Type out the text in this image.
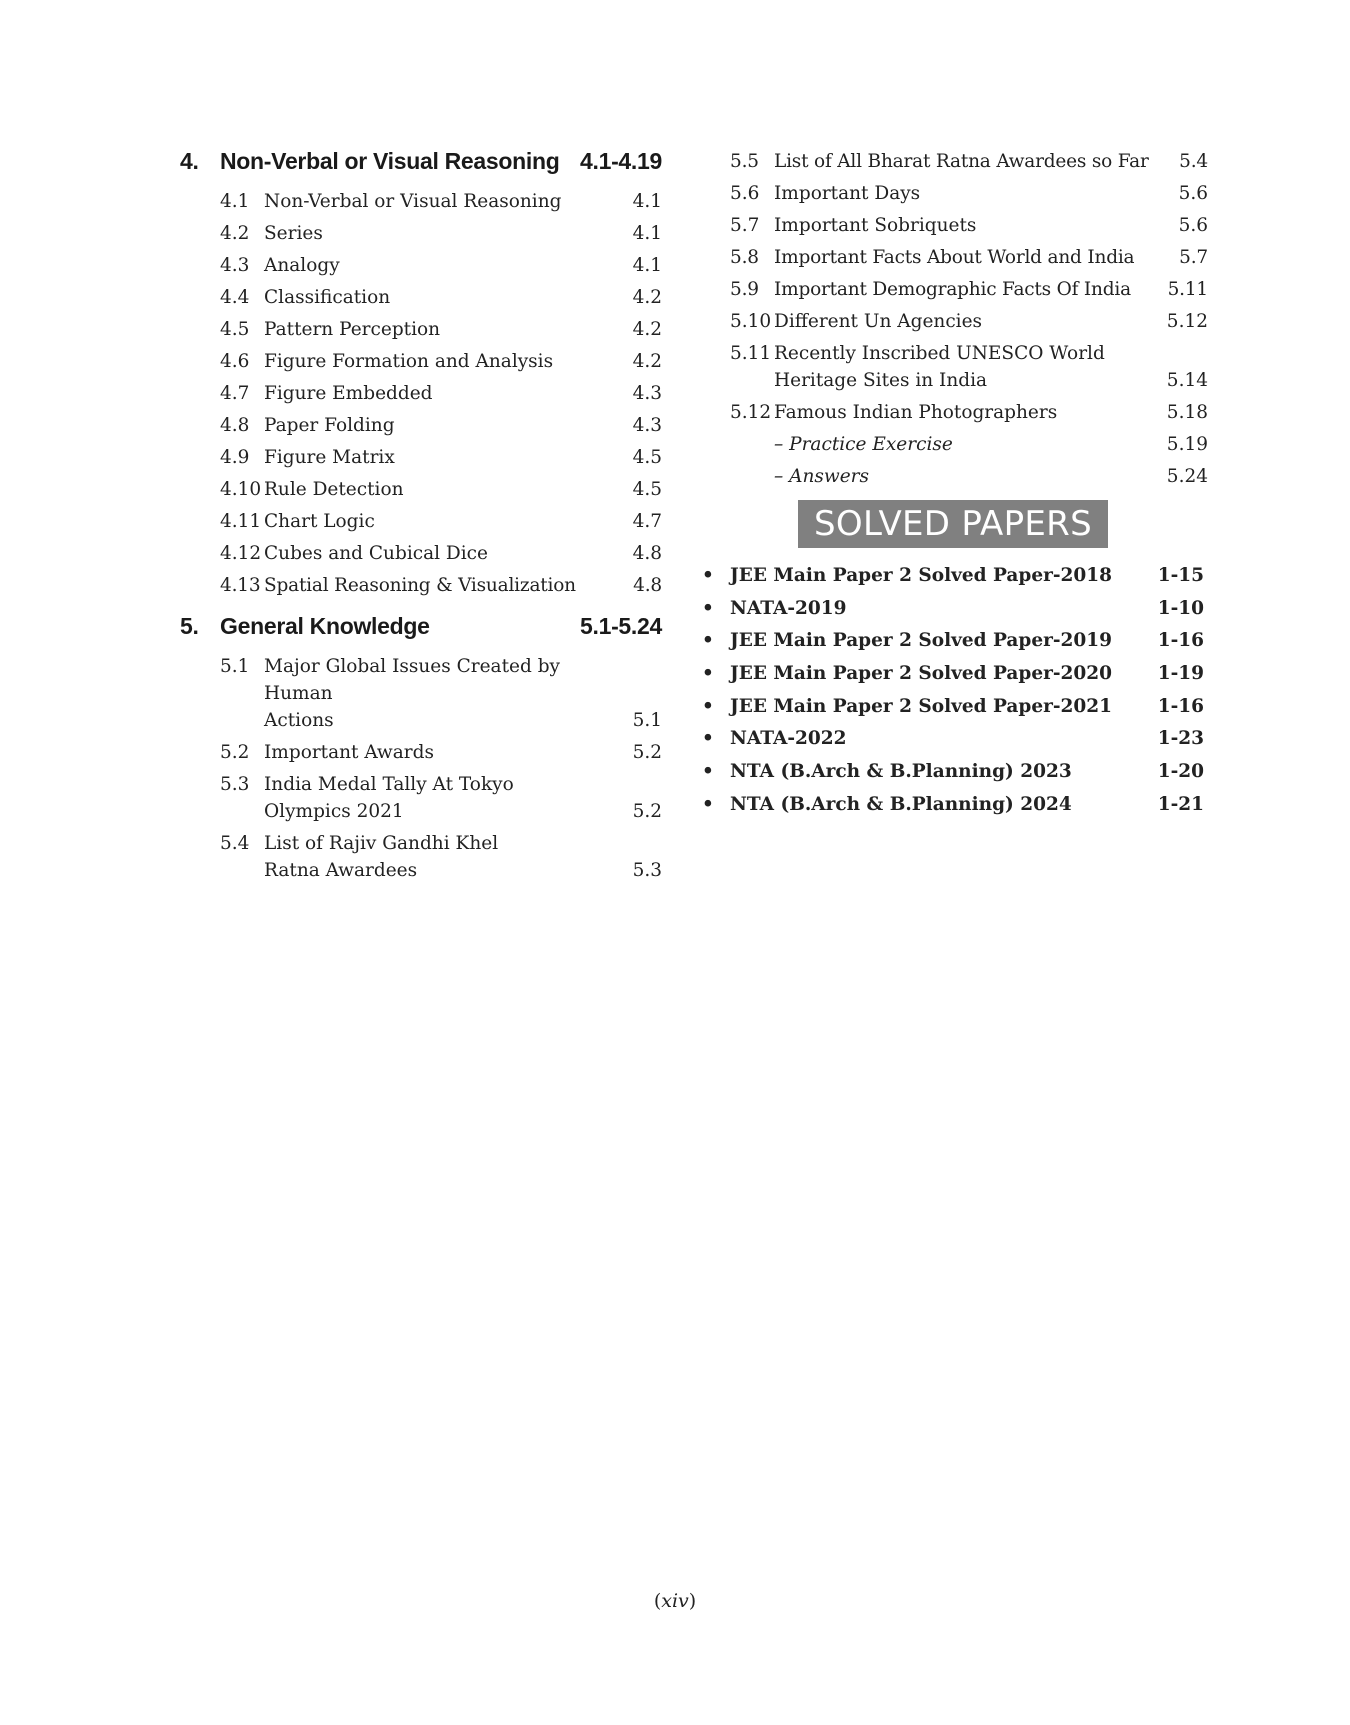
4. Non-Verbal or Visual Reasoning 4.1-4.19
4.1 Non-Verbal or Visual Reasoning	4.1
4.2 Series	4.1
4.3 Analogy	4.1
4.4 Classification	4.2
4.5 Pattern Perception	4.2
4.6 Figure Formation and Analysis	4.2
4.7 Figure Embedded	4.3
4.8 Paper Folding	4.3
4.9 Figure Matrix	4.5
4.10 Rule Detection	4.5
4.11 Chart Logic	4.7
4.12 Cubes and Cubical Dice	4.8
4.13 Spatial Reasoning & Visualization	4.8
5. General Knowledge	5.1-5.24
5.1 Major Global Issues Created by Human
Actions	5.1
5.2 Important Awards	5.2
5.3 India Medal Tally At Tokyo
Olympics 2021	5.2
5.4 List of Rajiv Gandhi Khel
Ratna Awardees	5.3
5.5 List of All Bharat Ratna Awardees so Far	5.4
5.6 Important Days	5.6
5.7 Important Sobriquets	5.6
5.8 Important Facts About World and India	5.7
5.9 Important Demographic Facts Of India	5.11
5.10 Different Un Agencies	5.12
5.11 Recently Inscribed UNESCO World
Heritage Sites in India	5.14
5.12 Famous Indian Photographers	5.18
– Practice Exercise	5.19
– Answers	5.24
SOLVED PAPERS
• JEE Main Paper 2 Solved Paper-2018	1-15
• NATA-2019	1-10
• JEE Main Paper 2 Solved Paper-2019	1-16
• JEE Main Paper 2 Solved Paper-2020	1-19
• JEE Main Paper 2 Solved Paper-2021	1-16
• NATA-2022	1-23
• NTA (B.Arch & B.Planning) 2023	1-20
• NTA (B.Arch & B.Planning) 2024	1-21
(xiv)
